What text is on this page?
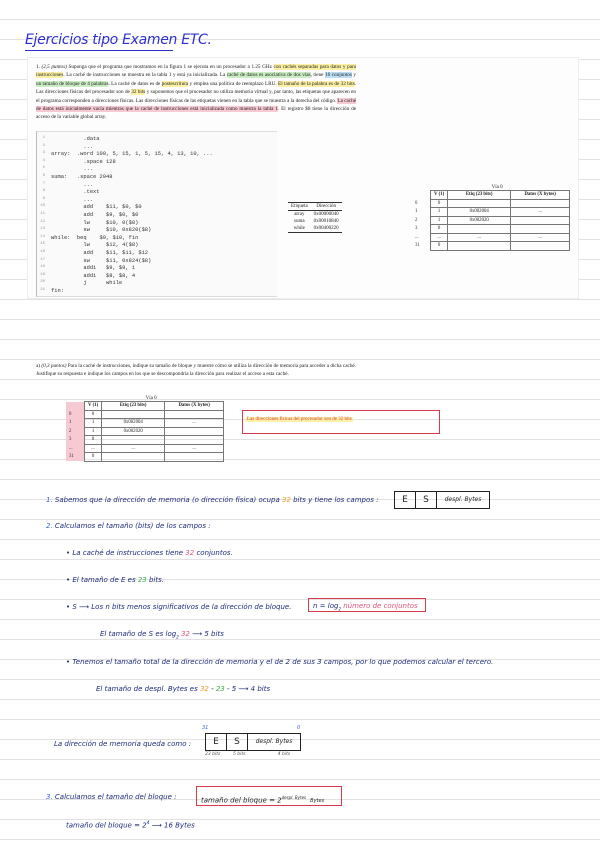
Ejercicios tipo Examen ETC.
1. (2,5 puntos) Suponga que el programa que mostramos en la figura 1 se ejecuta en un procesador a 1.25 GHz con cachés separadas para datos y para instrucciones. La caché de instrucciones se muestra en la tabla 1 y está ya inicializada. La caché de datos es asociativa de dos vías, tiene 16 conjuntos y un tamaño de bloque de 4 palabras. La caché de datos es de postescritura y emplea una política de reemplazo LRU. El tamaño de la palabra es de 32 bits. Las direcciones físicas del procesador son de 32 bits y suponemos que el procesador no utiliza memoria virtual y, por tanto, las etiquetas que aparecen en el programa corresponden a direcciones físicas. Las direcciones físicas de las etiquetas vienen en la tabla que se muestra a la derecha del código. La caché de datos está inicialmente vacía mientras que la caché de instrucciones está inicializada como muestra la tabla 1. El registro $8 tiene la dirección de acceso de la variable global array.
1 .data
2 ...
3 array:  .word 100, 5, 15, 1, 5, 15, 4, 13, 10, ...
4 .space 128
5 ...
6 suma:   .space 2048
7 ...
8 .text
9 ...
10 add    $11, $0, $0
11 add    $9, $0, $0
12 lw     $10, 0($8)
13 sw     $10, 0x820($8)
14 while:  beq    $9, $10, fin
15 lw     $12, 4($8)
16 add    $11, $11, $12
17 sw     $11, 0x824($8)
18 addi   $9, $9, 1
19 addi   $8, $8, 4
20 j      while
21 fin:
Etiqueta	Dirección
array	0x00000040
suma	0x00010840
while	0x00400220
Vía 0
	V (1)	Etiq (23 bits)	Datos (X bytes)
0	0		
1	1	0x002004	...
2	1	0x002020	
3	0		
...	...	...	...
31	0		
a) (0,3 puntos) Para la caché de instrucciones, indique su tamaño de bloque y muestre cómo se utiliza la dirección de memoria para acceder a dicha caché. Justifique su respuesta e indique los campos en los que se descompondría la dirección para realizar el acceso a esta caché.
Vía 0
	V (1)	Etiq (23 bits)	Datos (X bytes)
0	0		
1	1	0x002004	...
2	1	0x002020	
3	0		
...	...	...	...
31	0		
Las direcciones físicas del procesador son de 32 bits
1. Sabemos que la dirección de memoria (o dirección física) ocupa 32 bits y tiene los campos :	E	S	despl. Bytes
2. Calculamos el tamaño (bits) de los campos :
• La caché de instrucciones tiene 32 conjuntos.
• El tamaño de E es 23 bits.
• S ⟶ Los n bits menos significativos de la dirección de bloque.	$n = \log_2$ número de conjuntos
El tamaño de S es $\log_2 32$ ⟶ 5 bits
• Tenemos el tamaño total de la dirección de memoria y el de 2 de sus 3 campos, por lo que podemos calcular el tercero.
El tamaño de despl. Bytes es 32 - 23 - 5 ⟶ 4 bits
La dirección de memoria queda como :
31	0
E	S	despl. Bytes
23 bits	5 bits	4 bits
3. Calculamos el tamaño del bloque :	tamaño del bloque = $2^{despl. Bytes}Bytes$
tamaño del bloque = $2^4$ ⟶ 16 Bytes
